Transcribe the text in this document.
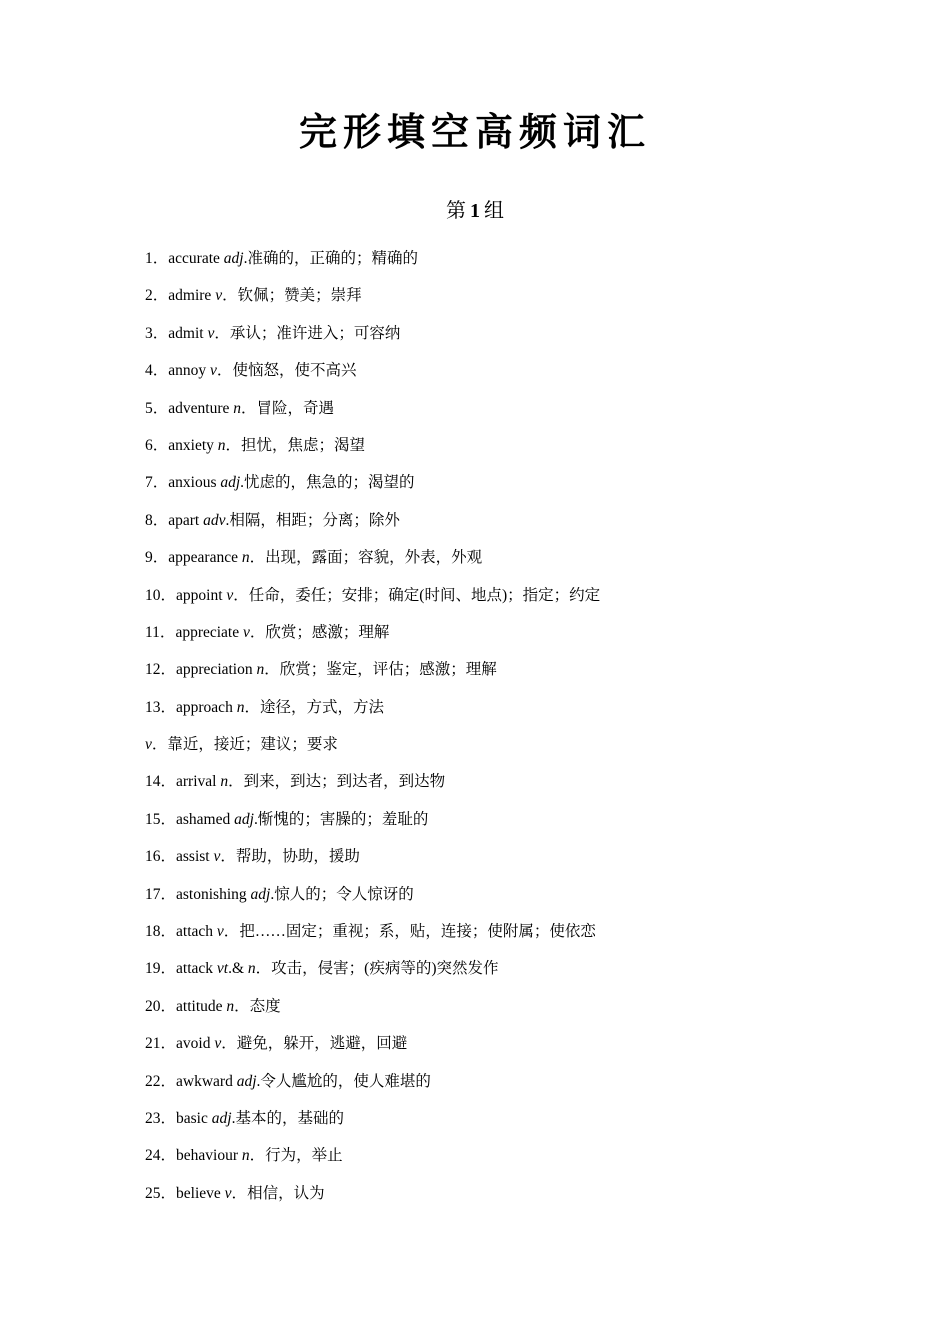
完形填空高频词汇
第 1 组
1．accurate adj.准确的，正确的；精确的
2．admire v．钦佩；赞美；崇拜
3．admit v．承认；准许进入；可容纳
4．annoy v．使恼怒，使不高兴
5．adventure n．冒险，奇遇
6．anxiety n．担忧，焦虑；渴望
7．anxious adj.忧虑的，焦急的；渴望的
8．apart adv.相隔，相距；分离；除外
9．appearance n．出现，露面；容貌，外表，外观
10．appoint v．任命，委任；安排；确定(时间、地点)；指定；约定
11．appreciate v．欣赏；感激；理解
12．appreciation n．欣赏；鉴定，评估；感激；理解
13．approach n．途径，方式，方法
v．靠近，接近；建议；要求
14．arrival n．到来，到达；到达者，到达物
15．ashamed adj.惭愧的；害臊的；羞耻的
16．assist v．帮助，协助，援助
17．astonishing adj.惊人的；令人惊讶的
18．attach v．把……固定；重视；系，贴，连接；使附属；使依恋
19．attack vt.& n．攻击，侵害；(疾病等的)突然发作
20．attitude n．态度
21．avoid v．避免，躲开，逃避，回避
22．awkward adj.令人尴尬的，使人难堪的
23．basic adj.基本的，基础的
24．behaviour n．行为，举止
25．believe v．相信，认为
